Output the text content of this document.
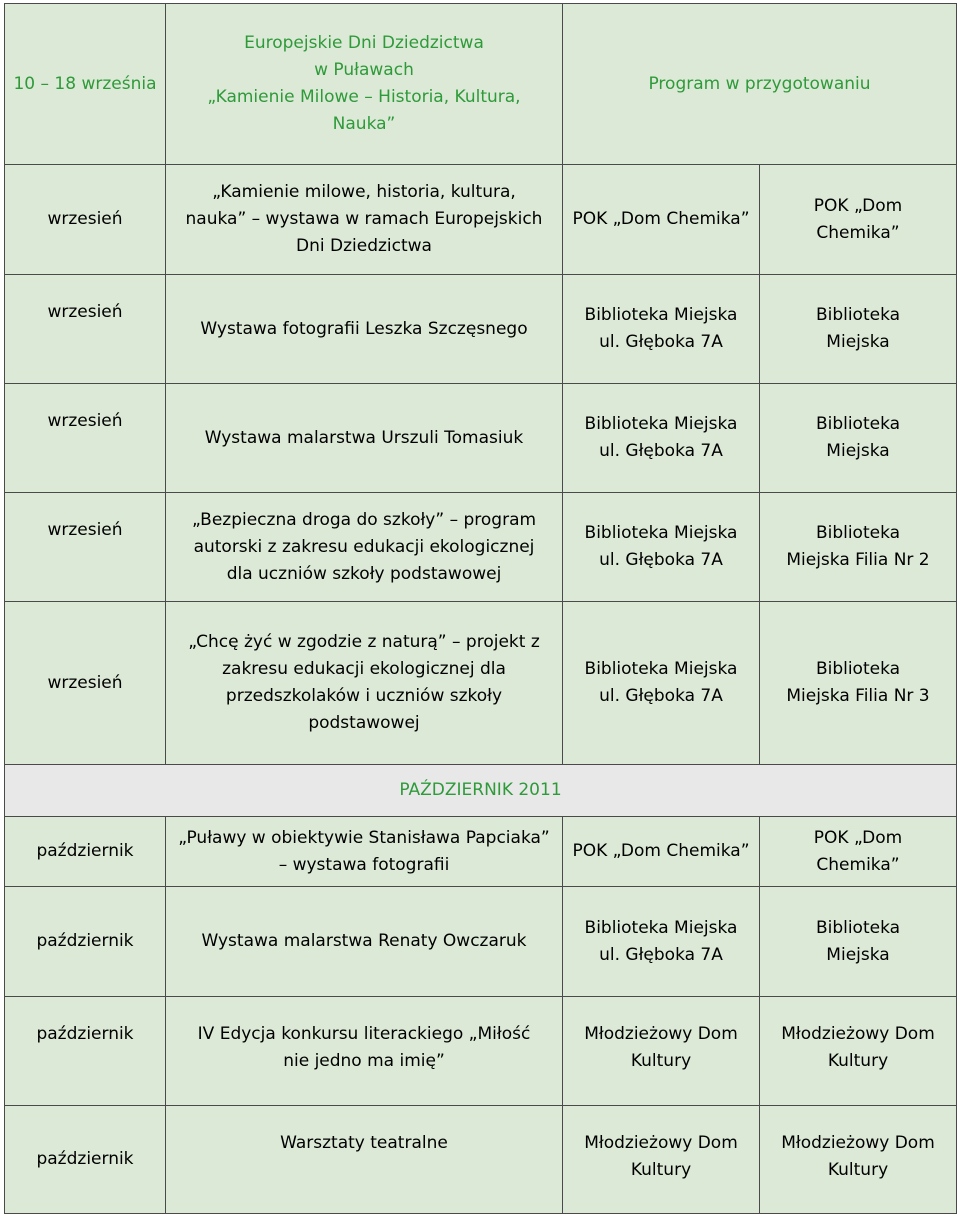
10 – 18 września	Europejskie Dni Dziedzictwa
w Puławach
„Kamienie Milowe – Historia, Kultura,
Nauka”	Program w przygotowaniu	
wrzesień	„Kamienie milowe, historia, kultura,
nauka” – wystawa w ramach Europejskich
Dni Dziedzictwa	POK „Dom Chemika”	POK „Dom
Chemika”

wrzesień	Wystawa fotografii Leszka Szczęsnego	Biblioteka Miejska
ul. Głęboka 7A	Biblioteka
Miejska

wrzesień	Wystawa malarstwa Urszuli Tomasiuk	Biblioteka Miejska
ul. Głęboka 7A	Biblioteka
Miejska

wrzesień	„Bezpieczna droga do szkoły” – program
autorski z zakresu edukacji ekologicznej
dla uczniów szkoły podstawowej	Biblioteka Miejska
ul. Głęboka 7A	Biblioteka
Miejska Filia Nr 2

wrzesień	„Chcę żyć w zgodzie z naturą” – projekt z
zakresu edukacji ekologicznej dla
przedszkolaków i uczniów szkoły
podstawowej	Biblioteka Miejska
ul. Głęboka 7A	Biblioteka
Miejska Filia Nr 3

PAŹDZIERNIK 2011			
październik	„Puławy w obiektywie Stanisława Papciaka”
– wystawa fotografii	POK „Dom Chemika”	POK „Dom
Chemika”

październik	Wystawa malarstwa Renaty Owczaruk	Biblioteka Miejska
ul. Głęboka 7A	Biblioteka
Miejska

październik	IV Edycja konkursu literackiego „Miłość
nie jedno ma imię”	Młodzieżowy Dom
Kultury	Młodzieżowy Dom
Kultury

październik	Warsztaty teatralne	Młodzieżowy Dom
Kultury	Młodzieżowy Dom
Kultury
